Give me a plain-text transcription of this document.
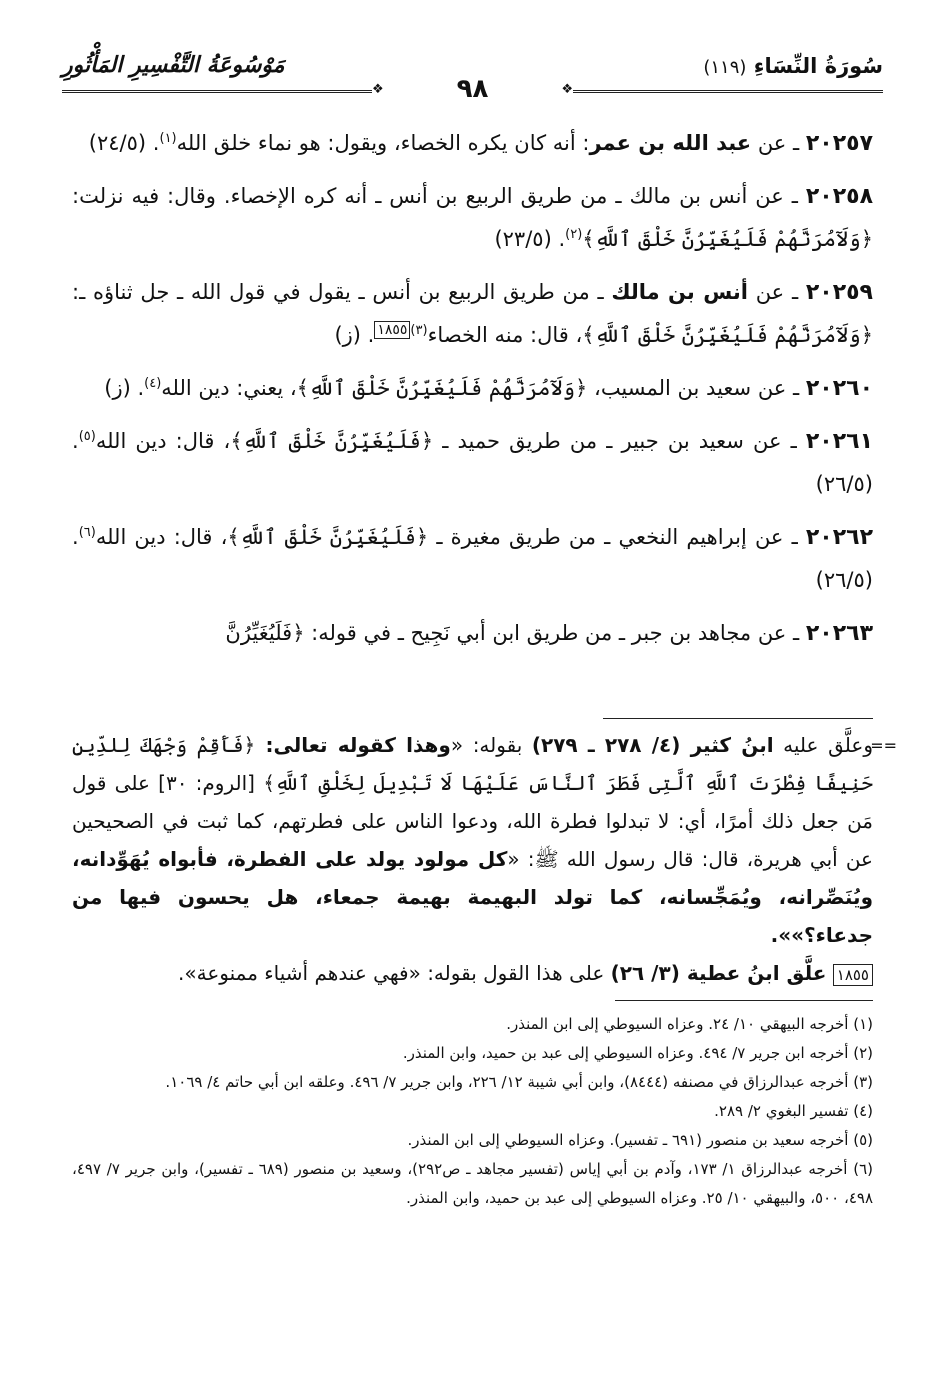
سُورَةُ النِّسَاءِ (١١٩)
مَوْسُوعَةُ التَّفْسِيرِ المَأْثُورِ
❖
❖	٩٨
٢٠٢٥٧ ـ عن عبد الله بن عمر: أنه كان يكره الخصاء، ويقول: هو نماء خلق الله$^{(١)}$. (٢٤/٥)
٢٠٢٥٨ ـ عن أنس بن مالك ـ من طريق الربيع بن أنس ـ أنه كره الإخصاء. وقال: فيه نزلت: ﴿وَلَآمُرَنَّهُمْ فَلَيُغَيِّرُنَّ خَلْقَ ٱللَّهِ﴾$^{(٢)}$. (٢٣/٥)
٢٠٢٥٩ ـ عن أنس بن مالك ـ من طريق الربيع بن أنس ـ يقول في قول الله ـ جل ثناؤه ـ: ﴿وَلَآمُرَنَّهُمْ فَلَيُغَيِّرُنَّ خَلْقَ ٱللَّهِ﴾، قال: منه الخصاء$^{(٣)}$١٨٥٥. (ز)
٢٠٢٦٠ ـ عن سعيد بن المسيب، ﴿وَلَآمُرَنَّهُمْ فَلَيُغَيِّرُنَّ خَلْقَ ٱللَّهِ﴾، يعني: دين الله$^{(٤)}$. (ز)
٢٠٢٦١ ـ عن سعيد بن جبير ـ من طريق حميد ـ ﴿فَلَيُغَيِّرُنَّ خَلْقَ ٱللَّهِ﴾، قال: دين الله$^{(٥)}$. (٢٦/٥)
٢٠٢٦٢ ـ عن إبراهيم النخعي ـ من طريق مغيرة ـ ﴿فَلَيُغَيِّرُنَّ خَلْقَ ٱللَّهِ﴾، قال: دين الله$^{(٦)}$. (٢٦/٥)
٢٠٢٦٣ ـ عن مجاهد بن جبر ـ من طريق ابن أبي نَجِيح ـ في قوله: ﴿فَلَيُغَيِّرُنَّ
==
وعلَّق عليه ابنُ كثير (٤/ ٢٧٨ ـ ٢٧٩) بقوله: «وهذا كقوله تعالى: ﴿فَأَقِمْ وَجْهَكَ لِلدِّينِ حَنِيفًا فِطْرَتَ ٱللَّهِ ٱلَّتِى فَطَرَ ٱلنَّاسَ عَلَيْهَا لَا تَبْدِيلَ لِخَلْقِ ٱللَّهِ﴾ [الروم: ٣٠] على قول مَن جعل ذلك أمرًا، أي: لا تبدلوا فطرة الله، ودعوا الناس على فطرتهم، كما ثبت في الصحيحين عن أبي هريرة، قال: قال رسول الله ﷺ: «كل مولود يولد على الفطرة، فأبواه يُهَوِّدانه، ويُنَصِّرانه، ويُمَجِّسانه، كما تولد البهيمة بهيمة جمعاء، هل يحسون فيها من جدعاء؟»».
١٨٥٥ علَّق ابنُ عطية (٣/ ٢٦) على هذا القول بقوله: «فهي عندهم أشياء ممنوعة».
(١) أخرجه البيهقي ١٠/ ٢٤. وعزاه السيوطي إلى ابن المنذر.
(٢) أخرجه ابن جرير ٧/ ٤٩٤. وعزاه السيوطي إلى عبد بن حميد، وابن المنذر.
(٣) أخرجه عبدالرزاق في مصنفه (٨٤٤٤)، وابن أبي شيبة ١٢/ ٢٢٦، وابن جرير ٧/ ٤٩٦. وعلقه ابن أبي حاتم ٤/ ١٠٦٩.
(٤) تفسير البغوي ٢/ ٢٨٩.
(٥) أخرجه سعيد بن منصور (٦٩١ ـ تفسير). وعزاه السيوطي إلى ابن المنذر.
(٦) أخرجه عبدالرزاق ١/ ١٧٣، وآدم بن أبي إياس (تفسير مجاهد ـ ص٢٩٢)، وسعيد بن منصور (٦٨٩ ـ تفسير)، وابن جرير ٧/ ٤٩٧، ٤٩٨، ٥٠٠، والبيهقي ١٠/ ٢٥. وعزاه السيوطي إلى عبد بن حميد، وابن المنذر.
